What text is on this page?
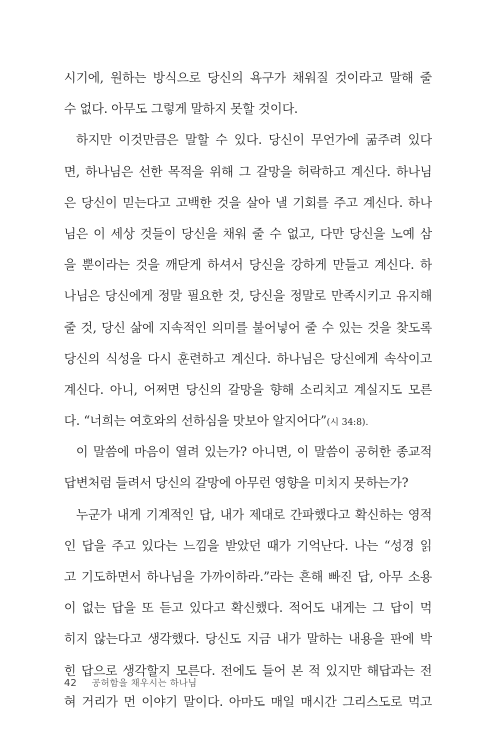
시기에, 원하는 방식으로 당신의 욕구가 채워질 것이라고 말해 줄
수 없다. 아무도 그렇게 말하지 못할 것이다.
하지만 이것만큼은 말할 수 있다. 당신이 무언가에 굶주려 있다
면, 하나님은 선한 목적을 위해 그 갈망을 허락하고 계신다. 하나님
은 당신이 믿는다고 고백한 것을 살아 낼 기회를 주고 계신다. 하나
님은 이 세상 것들이 당신을 채워 줄 수 없고, 다만 당신을 노예 삼
을 뿐이라는 것을 깨닫게 하셔서 당신을 강하게 만들고 계신다. 하
나님은 당신에게 정말 필요한 것, 당신을 정말로 만족시키고 유지해
줄 것, 당신 삶에 지속적인 의미를 불어넣어 줄 수 있는 것을 찾도록
당신의 식성을 다시 훈련하고 계신다. 하나님은 당신에게 속삭이고
계신다. 아니, 어쩌면 당신의 갈망을 향해 소리치고 계실지도 모른
다. “너희는 여호와의 선하심을 맛보아 알지어다”(시 34:8).
이 말씀에 마음이 열려 있는가? 아니면, 이 말씀이 공허한 종교적
답변처럼 들려서 당신의 갈망에 아무런 영향을 미치지 못하는가?
누군가 내게 기계적인 답, 내가 제대로 간파했다고 확신하는 영적
인 답을 주고 있다는 느낌을 받았던 때가 기억난다. 나는 “성경 읽
고 기도하면서 하나님을 가까이하라.”라는 흔해 빠진 답, 아무 소용
이 없는 답을 또 듣고 있다고 확신했다. 적어도 내게는 그 답이 먹
히지 않는다고 생각했다. 당신도 지금 내가 말하는 내용을 판에 박
힌 답으로 생각할지 모른다. 전에도 들어 본 적 있지만 해답과는 전
혀 거리가 먼 이야기 말이다. 아마도 매일 매시간 그리스도로 먹고
42 공허함을 채우시는 하나님
